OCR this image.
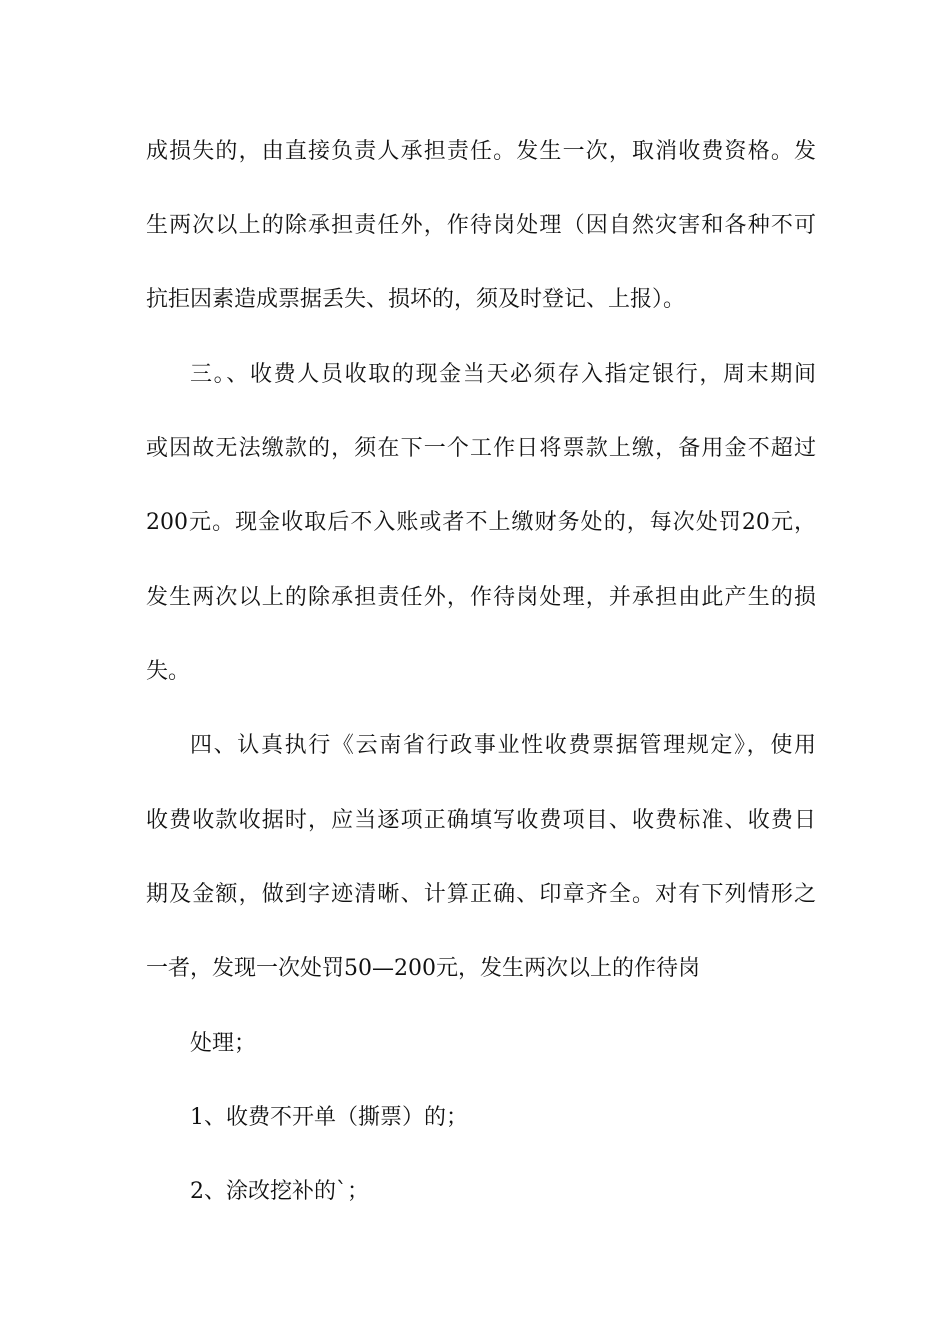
成损失的，由直接负责人承担责任。发生一次，取消收费资格。发
生两次以上的除承担责任外，作待岗处理（因自然灾害和各种不可
抗拒因素造成票据丢失、损坏的，须及时登记、上报）。
三。、收费人员收取的现金当天必须存入指定银行，周末期间
或因故无法缴款的，须在下一个工作日将票款上缴，备用金不超过
200元。现金收取后不入账或者不上缴财务处的，每次处罚20元，
发生两次以上的除承担责任外，作待岗处理，并承担由此产生的损
失。
四、认真执行《云南省行政事业性收费票据管理规定》，使用
收费收款收据时，应当逐项正确填写收费项目、收费标准、收费日
期及金额，做到字迹清晰、计算正确、印章齐全。对有下列情形之
一者，发现一次处罚50—200元，发生两次以上的作待岗
处理；
1、收费不开单（撕票）的；
2、涂改挖补的`；
